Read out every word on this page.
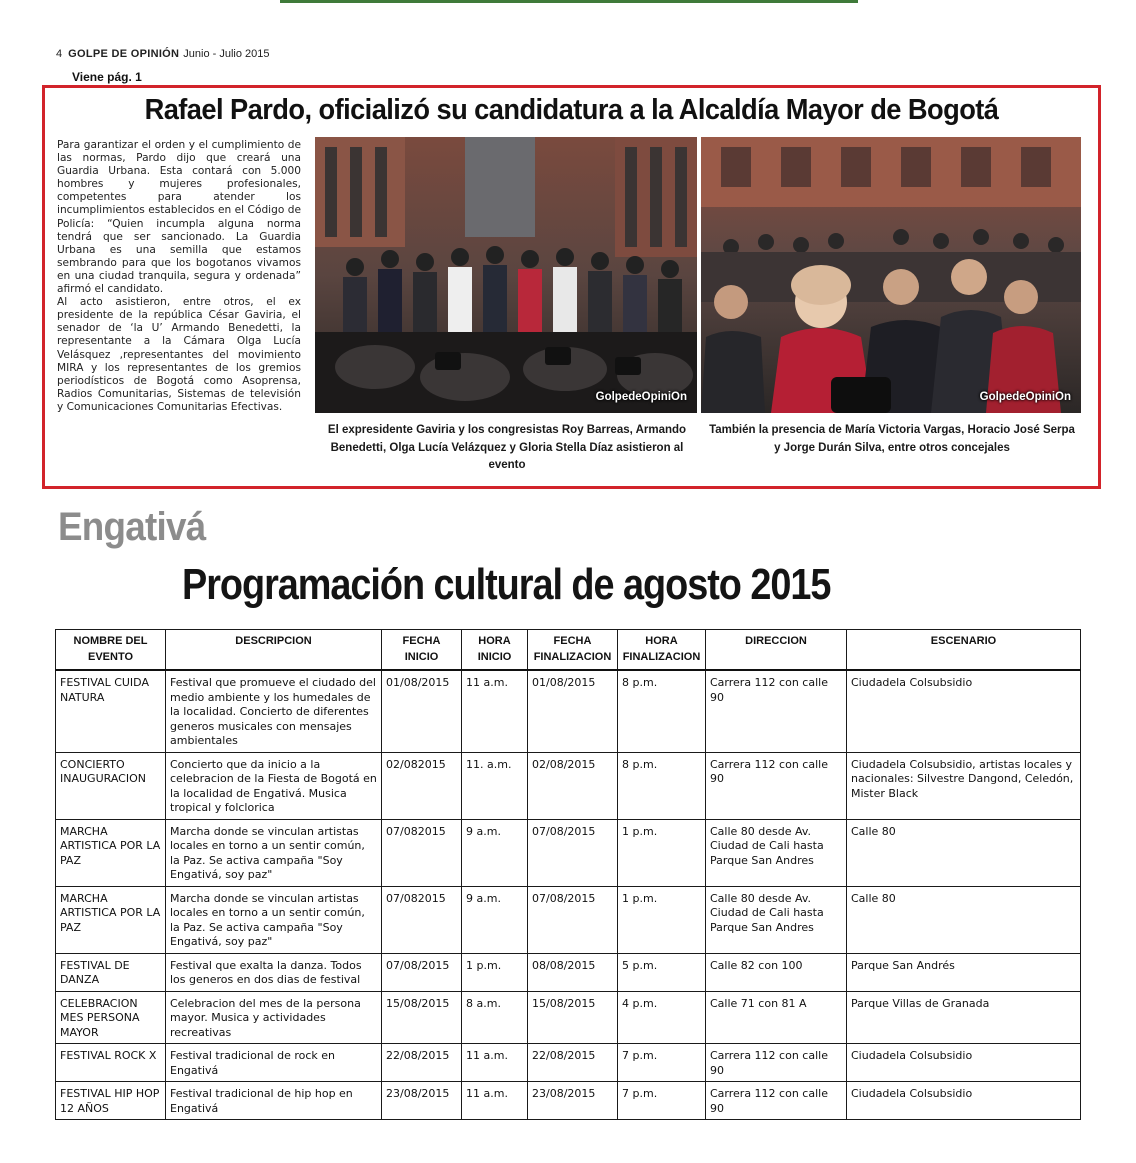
4 GOLPE DE OPINIÓN Junio - Julio 2015
Viene pág. 1
Rafael Pardo, oficializó su candidatura a la Alcaldía Mayor de Bogotá

Para garantizar el orden y el cumplimiento de las normas, Pardo dijo que creará una Guardia Urbana. Esta contará con 5.000 hombres y mujeres profesionales, competentes para atender los incumplimientos establecidos en el Código de Policía: “Quien incumpla alguna norma tendrá que ser sancionado. La Guardia Urbana es una semilla que estamos sembrando para que los bogotanos vivamos en una ciudad tranquila, segura y ordenada” afirmó el candidato.

Al acto asistieron, entre otros, el ex presidente de la república César Gaviria, el senador de ‘la U’ Armando Benedetti, la representante a la Cámara Olga Lucía Velásquez ,representantes del movimiento MIRA y los representantes de los gremios periodísticos de Bogotá como Asoprensa, Radios Comunitarias, Sistemas de televisión y Comunicaciones Comunitarias Efectivas.

GolpedeOpiniOn	GolpedeOpiniOn
El expresidente Gaviria y los congresistas Roy Barreas, Armando Benedetti, Olga Lucía Velázquez y Gloria Stella Díaz asistieron al evento
También la presencia de María Victoria Vargas, Horacio José Serpa y Jorge Durán Silva, entre otros concejales
Engativá
Programación cultural de agosto 2015
NOMBRE DEL EVENTO	DESCRIPCION	FECHA INICIO	HORA INICIO	FECHA FINALIZACION	HORA FINALIZACION	DIRECCION	ESCENARIO
FESTIVAL CUIDA NATURA	Festival que promueve el ciudado del medio ambiente y los humedales de la localidad. Concierto de diferentes generos musicales con mensajes ambientales	01/08/2015	11 a.m.	01/08/2015	8 p.m.	Carrera 112 con calle 90	Ciudadela Colsubsidio
CONCIERTO INAUGURACION	Concierto que da inicio a la celebracion de la Fiesta de Bogotá en la localidad de Engativá. Musica tropical y folclorica	02/082015	11. a.m.	02/08/2015	8 p.m.	Carrera 112 con calle 90	Ciudadela Colsubsidio, artistas locales y nacionales: Silvestre Dangond, Celedón, Mister Black
MARCHA ARTISTICA POR LA PAZ	Marcha donde se vinculan artistas locales en torno a un sentir común, la Paz. Se activa campaña "Soy Engativá, soy paz"	07/082015	9 a.m.	07/08/2015	1 p.m.	Calle 80 desde Av. Ciudad de Cali hasta Parque San Andres	Calle 80
MARCHA ARTISTICA POR LA PAZ	Marcha donde se vinculan artistas locales en torno a un sentir común, la Paz. Se activa campaña "Soy Engativá, soy paz"	07/082015	9 a.m.	07/08/2015	1 p.m.	Calle 80 desde Av. Ciudad de Cali hasta Parque San Andres	Calle 80
FESTIVAL DE DANZA	Festival que exalta la danza. Todos los generos en dos dias de festival	07/08/2015	1 p.m.	08/08/2015	5 p.m.	Calle 82 con 100	Parque San Andrés
CELEBRACION MES PERSONA MAYOR	Celebracion del mes de la persona mayor. Musica y actividades recreativas	15/08/2015	8 a.m.	15/08/2015	4 p.m.	Calle 71 con 81 A	Parque Villas de Granada
FESTIVAL ROCK X	Festival tradicional de rock en Engativá	22/08/2015	11 a.m.	22/08/2015	7 p.m.	Carrera 112 con calle 90	Ciudadela Colsubsidio
FESTIVAL HIP HOP 12 AÑOS	Festival tradicional de hip hop en Engativá	23/08/2015	11 a.m.	23/08/2015	7 p.m.	Carrera 112 con calle 90	Ciudadela Colsubsidio
